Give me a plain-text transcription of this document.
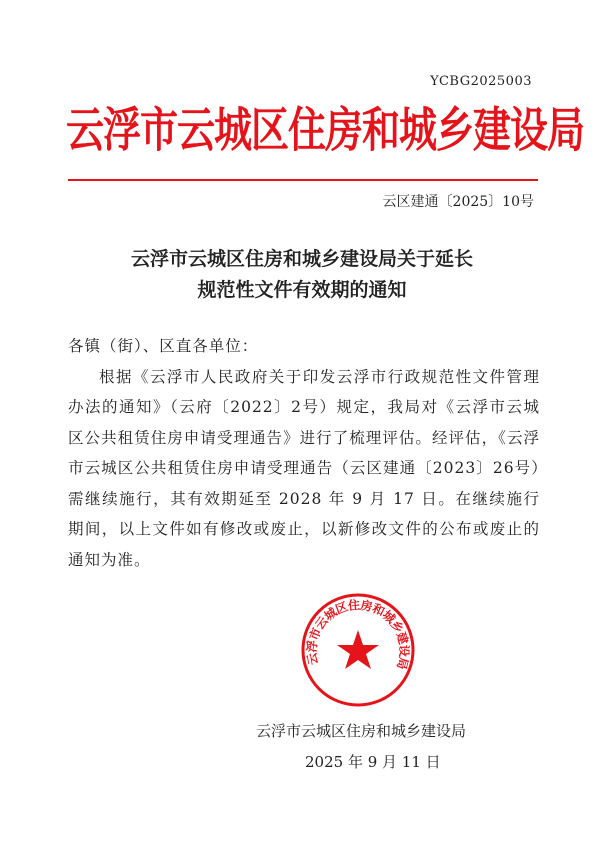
YCBG2025003
云浮市云城区住房和城乡建设局
云区建通〔2025〕10号
云浮市云城区住房和城乡建设局关于延长
规范性文件有效期的通知

各镇（街）、区直各单位：

根据《云浮市人民政府关于印发云浮市行政规范性文件管理办法的通知》（云府〔2022〕2号）规定，我局对《云浮市云城区公共租赁住房申请受理通告》进行了梳理评估。经评估，《云浮市云城区公共租赁住房申请受理通告（云区建通〔2023〕26号）需继续施行，其有效期延至 2028 年 9 月 17 日。在继续施行期间，以上文件如有修改或废止，以新修改文件的公布或废止的通知为准。

云浮市云城区住房和城乡建设局
云浮市云城区住房和城乡建设局
2025 年 9 月 11 日
